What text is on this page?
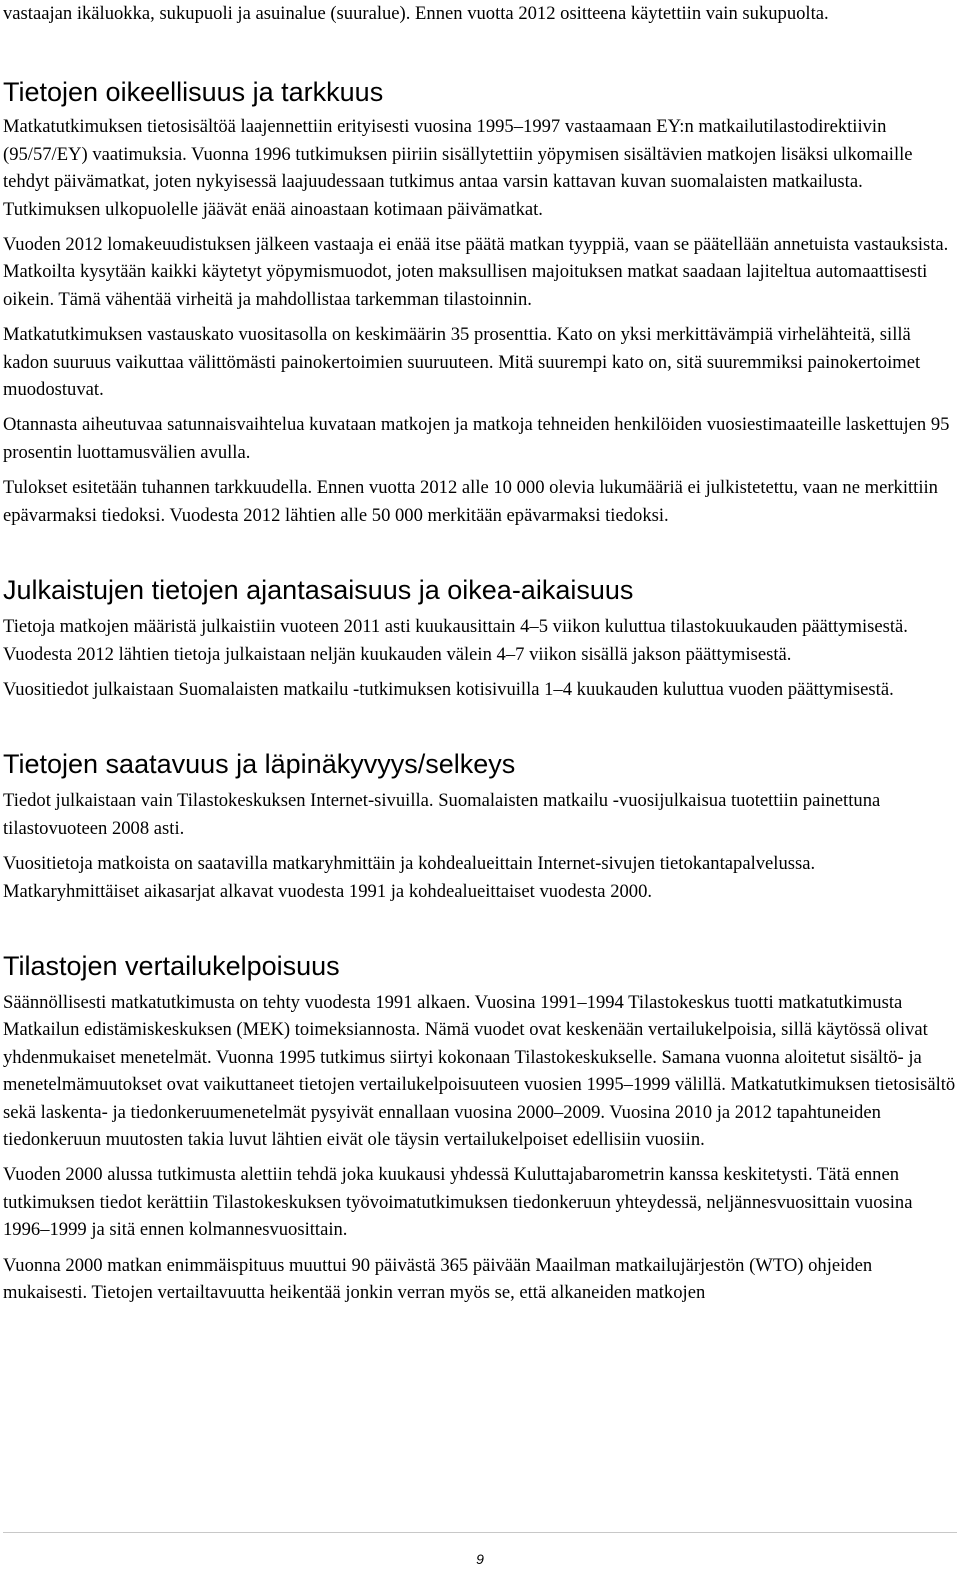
vastaajan ikäluokka, sukupuoli ja asuinalue (suuralue). Ennen vuotta 2012 ositteena käytettiin vain sukupuolta.

Tietojen oikeellisuus ja tarkkuus

Matkatutkimuksen tietosisältöä laajennettiin erityisesti vuosina 1995–1997 vastaamaan EY:n matkailutilastodirektiivin (95/57/EY) vaatimuksia. Vuonna 1996 tutkimuksen piiriin sisällytettiin yöpymisen sisältävien matkojen lisäksi ulkomaille tehdyt päivämatkat, joten nykyisessä laajuudessaan tutkimus antaa varsin kattavan kuvan suomalaisten matkailusta. Tutkimuksen ulkopuolelle jäävät enää ainoastaan kotimaan päivämatkat.

Vuoden 2012 lomakeuudistuksen jälkeen vastaaja ei enää itse päätä matkan tyyppiä, vaan se päätellään annetuista vastauksista. Matkoilta kysytään kaikki käytetyt yöpymismuodot, joten maksullisen majoituksen matkat saadaan lajiteltua automaattisesti oikein. Tämä vähentää virheitä ja mahdollistaa tarkemman tilastoinnin.

Matkatutkimuksen vastauskato vuositasolla on keskimäärin 35 prosenttia. Kato on yksi merkittävämpiä virhelähteitä, sillä kadon suuruus vaikuttaa välittömästi painokertoimien suuruuteen. Mitä suurempi kato on, sitä suuremmiksi painokertoimet muodostuvat.

Otannasta aiheutuvaa satunnaisvaihtelua kuvataan matkojen ja matkoja tehneiden henkilöiden vuosiestimaateille laskettujen 95 prosentin luottamusvälien avulla.

Tulokset esitetään tuhannen tarkkuudella. Ennen vuotta 2012 alle 10 000 olevia lukumääriä ei julkistetettu, vaan ne merkittiin epävarmaksi tiedoksi. Vuodesta 2012 lähtien alle 50 000 merkitään epävarmaksi tiedoksi.

Julkaistujen tietojen ajantasaisuus ja oikea-aikaisuus

Tietoja matkojen määristä julkaistiin vuoteen 2011 asti kuukausittain 4–5 viikon kuluttua tilastokuukauden päättymisestä. Vuodesta 2012 lähtien tietoja julkaistaan neljän kuukauden välein 4–7 viikon sisällä jakson päättymisestä.

Vuositiedot julkaistaan Suomalaisten matkailu -tutkimuksen kotisivuilla 1–4 kuukauden kuluttua vuoden päättymisestä.

Tietojen saatavuus ja läpinäkyvyys/selkeys

Tiedot julkaistaan vain Tilastokeskuksen Internet-sivuilla. Suomalaisten matkailu -vuosijulkaisua tuotettiin painettuna tilastovuoteen 2008 asti.

Vuositietoja matkoista on saatavilla matkaryhmittäin ja kohdealueittain Internet-sivujen tietokantapalvelussa. Matkaryhmittäiset aikasarjat alkavat vuodesta 1991 ja kohdealueittaiset vuodesta 2000.

Tilastojen vertailukelpoisuus

Säännöllisesti matkatutkimusta on tehty vuodesta 1991 alkaen. Vuosina 1991–1994 Tilastokeskus tuotti matkatutkimusta Matkailun edistämiskeskuksen (MEK) toimeksiannosta. Nämä vuodet ovat keskenään vertailukelpoisia, sillä käytössä olivat yhdenmukaiset menetelmät. Vuonna 1995 tutkimus siirtyi kokonaan Tilastokeskukselle. Samana vuonna aloitetut sisältö- ja menetelmämuutokset ovat vaikuttaneet tietojen vertailukelpoisuuteen vuosien 1995–1999 välillä. Matkatutkimuksen tietosisältö sekä laskenta- ja tiedonkeruumenetelmät pysyivät ennallaan vuosina 2000–2009. Vuosina 2010 ja 2012 tapahtuneiden tiedonkeruun muutosten takia luvut lähtien eivät ole täysin vertailukelpoiset edellisiin vuosiin.

Vuoden 2000 alussa tutkimusta alettiin tehdä joka kuukausi yhdessä Kuluttajabarometrin kanssa keskitetysti. Tätä ennen tutkimuksen tiedot kerättiin Tilastokeskuksen työvoimatutkimuksen tiedonkeruun yhteydessä, neljännesvuosittain vuosina 1996–1999 ja sitä ennen kolmannesvuosittain.

Vuonna 2000 matkan enimmäispituus muuttui 90 päivästä 365 päivään Maailman matkailujärjestön (WTO) ohjeiden mukaisesti. Tietojen vertailtavuutta heikentää jonkin verran myös se, että alkaneiden matkojen

9
